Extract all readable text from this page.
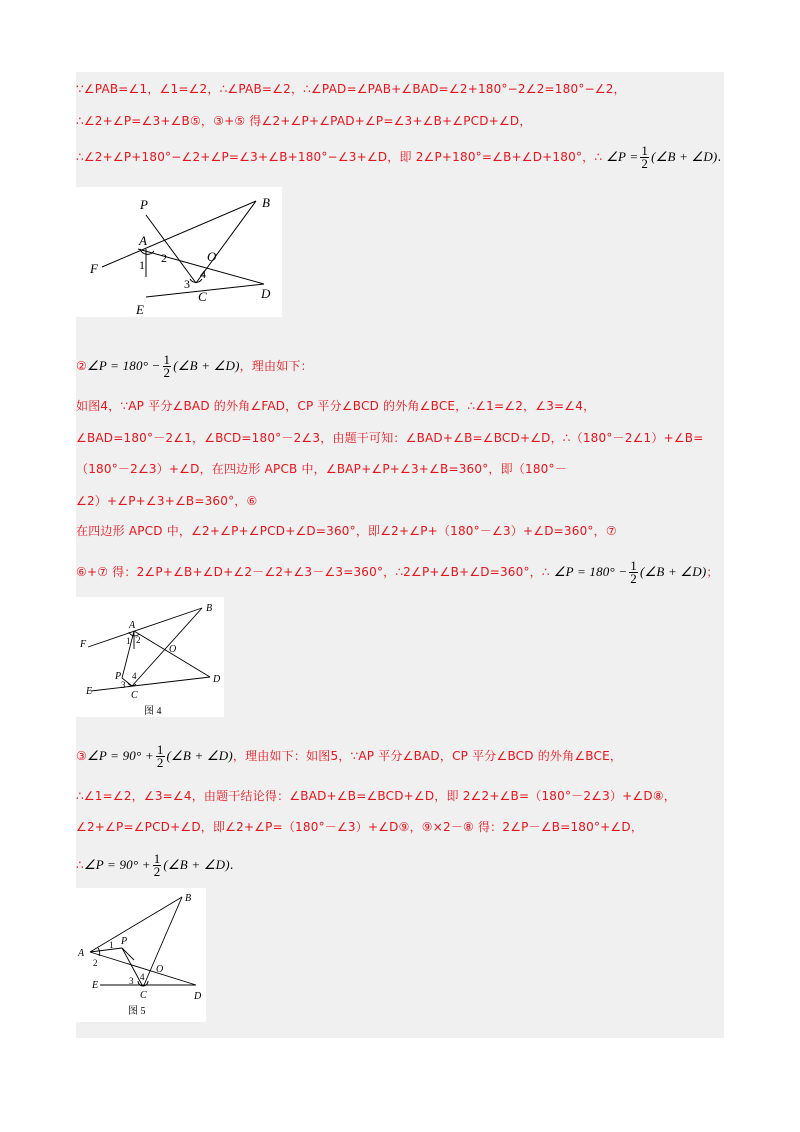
∵∠PAB=∠1，∠1=∠2，∴∠PAB=∠2，∴∠PAD=∠PAB+∠BAD=∠2+180°−2∠2=180°−∠2，
∴∠2+∠P=∠3+∠B⑤，③+⑤ 得∠2+∠P+∠PAD+∠P=∠3+∠B+∠PCD+∠D，
∴∠2+∠P+180°−∠2+∠P=∠3+∠B+180°−∠3+∠D，即 2∠P+180°=∠B+∠D+180°，∴ ∠P = $\frac{1}{2}$ (∠B + ∠D).
P	B
A
O
F	1 2
4
3
C	D
E
②∠P = $180^\circ - \frac{1}{2}$ (∠B + ∠D)，理由如下：
如图4，∵AP 平分∠BAD 的外角∠FAD，CP 平分∠BCD 的外角∠BCE，∴∠1=∠2，∠3=∠4，
∠BAD=180°－2∠1，∠BCD=180°－2∠3，由题干可知：∠BAD+∠B=∠BCD+∠D，∴（180°－2∠1）+∠B=
（180°－2∠3）+∠D，在四边形 APCB 中，∠BAP+∠P+∠3+∠B=360°，即（180°－
∠2）+∠P+∠3+∠B=360°，⑥
在四边形 APCD 中，∠2+∠P+∠PCD+∠D=360°，即∠2+∠P+（180°－∠3）+∠D=360°，⑦
⑥+⑦ 得：2∠P+∠B+∠D+∠2－∠2+∠3－∠3=360°，∴2∠P+∠B+∠D=360°，∴ ∠P = $180^\circ - \frac{1}{2}$ (∠B + ∠D)；
B
A
F	1 2
O
P 4
3
E	C
D
图 4
③∠P = $90^\circ + \frac{1}{2}$ (∠B + ∠D)，理由如下：如图5，∵AP 平分∠BAD，CP 平分∠BCD 的外角∠BCE，
∴∠1=∠2，∠3=∠4，由题干结论得：∠BAD+∠B=∠BCD+∠D，即 2∠2+∠B=（180°－2∠3）+∠D⑧，
∠2+∠P=∠PCD+∠D，即∠2+∠P=（180°－∠3）+∠D⑨，⑨×2－⑧ 得：2∠P－∠B=180°+∠D，
∴∠P = $90^\circ + \frac{1}{2}$ (∠B + ∠D).
B
A
1 P
2
O
4
3
E
C	D
图 5
